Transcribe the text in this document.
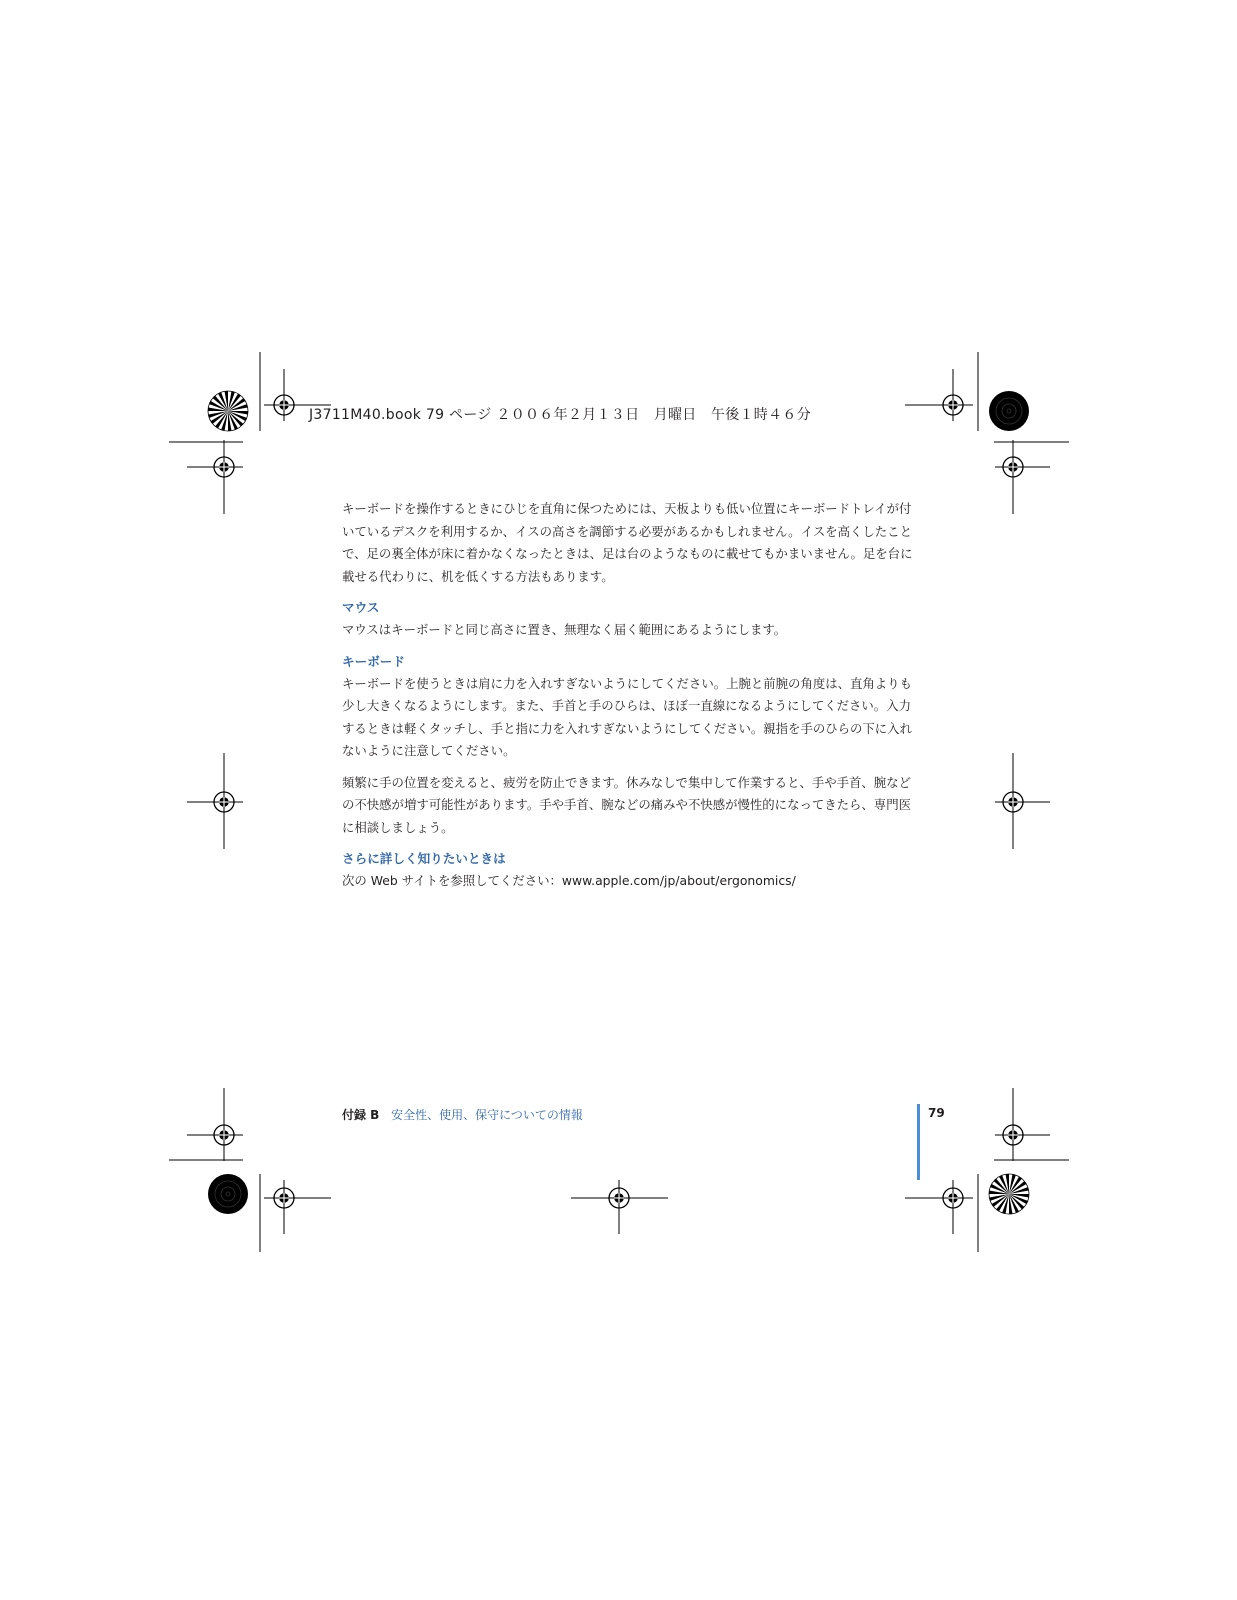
J3711M40.book 79 ページ ２００６年２月１３日　月曜日　午後１時４６分

キーボードを操作するときにひじを直角に保つためには、天板よりも低い位置にキーボードトレイが付いているデスクを利用するか、イスの高さを調節する必要があるかもしれません。イスを高くしたことで、足の裏全体が床に着かなくなったときは、足は台のようなものに載せてもかまいません。足を台に載せる代わりに、机を低くする方法もあります。

マウス

マウスはキーボードと同じ高さに置き、無理なく届く範囲にあるようにします。

キーボード

キーボードを使うときは肩に力を入れすぎないようにしてください。上腕と前腕の角度は、直角よりも少し大きくなるようにします。また、手首と手のひらは、ほぼ一直線になるようにしてください。入力するときは軽くタッチし、手と指に力を入れすぎないようにしてください。親指を手のひらの下に入れないように注意してください。

頻繁に手の位置を変えると、疲労を防止できます。休みなしで集中して作業すると、手や手首、腕などの不快感が増す可能性があります。手や手首、腕などの痛みや不快感が慢性的になってきたら、専門医に相談しましょう。

さらに詳しく知りたいときは

次の Web サイトを参照してください：www.apple.com/jp/about/ergonomics/

付録 B 安全性、使用、保守についての情報	79
